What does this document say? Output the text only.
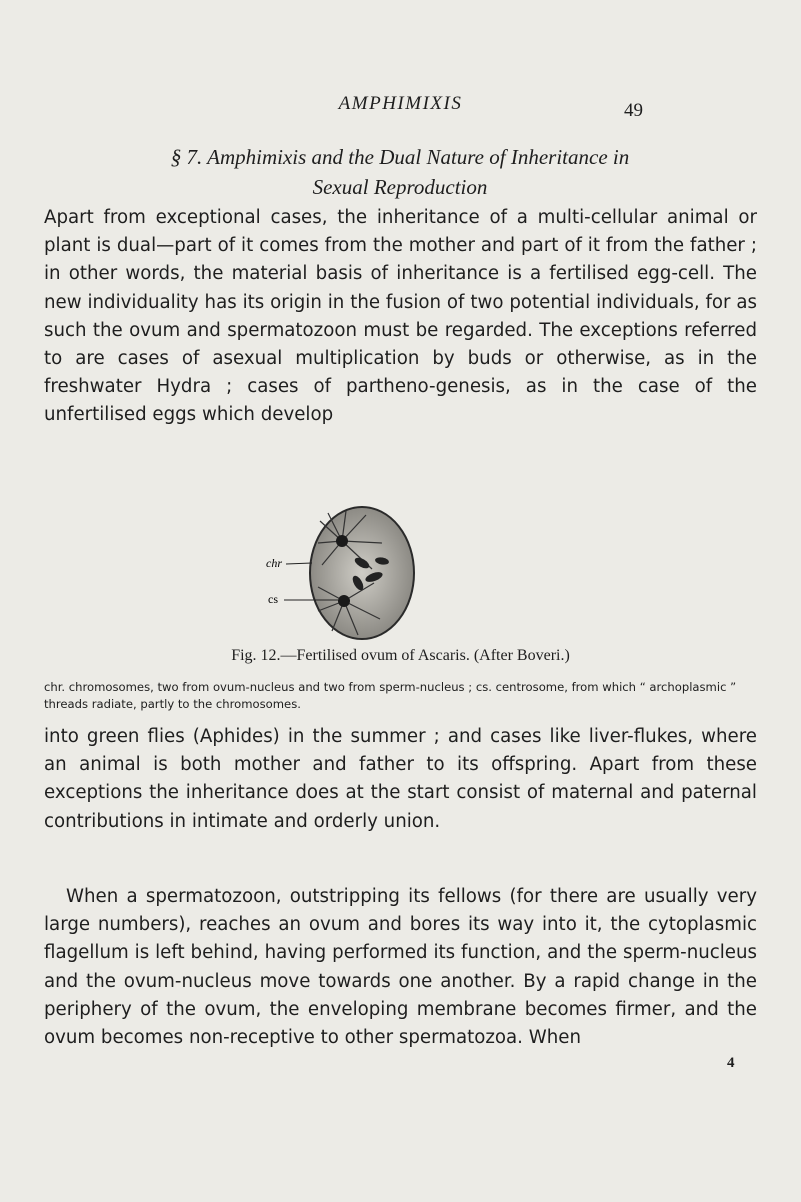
AMPHIMIXIS	49
§ 7. Amphimixis and the Dual Nature of Inheritance in
Sexual Reproduction

Apart from exceptional cases, the inheritance of a multi-cellular animal or plant is dual—part of it comes from the mother and part of it from the father ; in other words, the material basis of inheritance is a fertilised egg-cell. The new individuality has its origin in the fusion of two potential individuals, for as such the ovum and spermatozoon must be regarded. The exceptions referred to are cases of asexual multiplication by buds or otherwise, as in the freshwater Hydra ; cases of partheno-genesis, as in the case of the unfertilised eggs which develop

chr
cs
Fig. 12.—Fertilised ovum of Ascaris. (After Boveri.)

chr. chromosomes, two from ovum-nucleus and two from sperm-nucleus ; cs. centrosome, from which “ archoplasmic ” threads radiate, partly to the chromosomes.

into green flies (Aphides) in the summer ; and cases like liver-flukes, where an animal is both mother and father to its offspring. Apart from these exceptions the inheritance does at the start consist of maternal and paternal contributions in intimate and orderly union.

When a spermatozoon, outstripping its fellows (for there are usually very large numbers), reaches an ovum and bores its way into it, the cytoplasmic flagellum is left behind, having performed its function, and the sperm-nucleus and the ovum-nucleus move towards one another. By a rapid change in the periphery of the ovum, the enveloping membrane becomes firmer, and the ovum becomes non-receptive to other spermatozoa. When

4
